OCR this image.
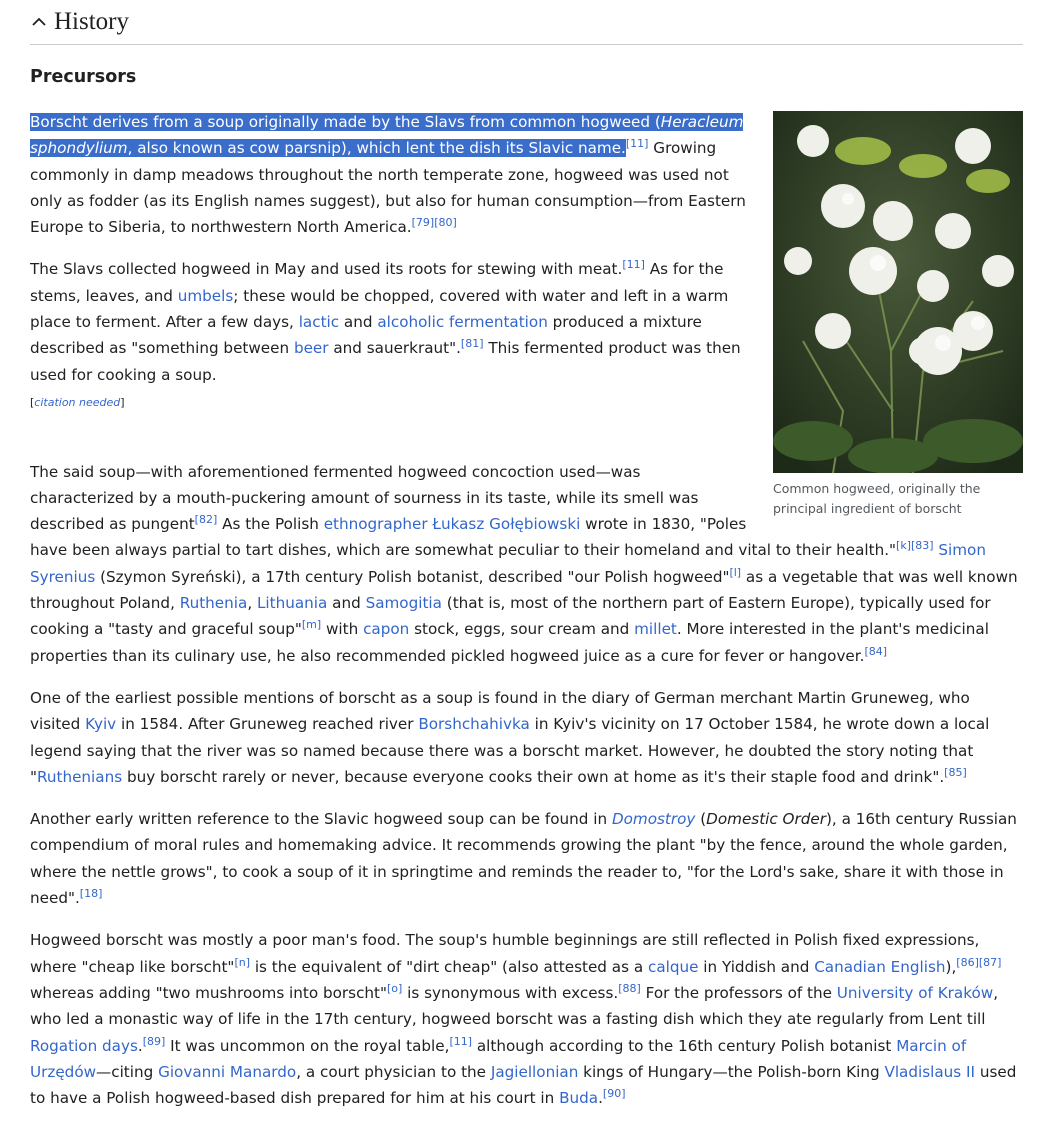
History
Precursors
Common hogweed, originally the principal ingredient of borscht

Borscht derives from a soup originally made by the Slavs from common hogweed (Heracleum sphondylium, also known as cow parsnip), which lent the dish its Slavic name.[11] Growing commonly in damp meadows throughout the north temperate zone, hogweed was used not only as fodder (as its English names suggest), but also for human consumption—from Eastern Europe to Siberia, to northwestern North America.[79][80]

The Slavs collected hogweed in May and used its roots for stewing with meat.[11] As for the stems, leaves, and umbels; these would be chopped, covered with water and left in a warm place to ferment. After a few days, lactic and alcoholic fermentation produced a mixture described as "something between beer and sauerkraut".[81] This fermented product was then used for cooking a soup.
[citation needed]

The said soup—with aforementioned fermented hogweed concoction used—was characterized by a mouth-puckering amount of sourness in its taste, while its smell was described as pungent[82] As the Polish ethnographer Łukasz Gołębiowski wrote in 1830, "Poles have been always partial to tart dishes, which are somewhat peculiar to their homeland and vital to their health."[k][83] Simon Syrenius (Szymon Syreński), a 17th century Polish botanist, described "our Polish hogweed"[l] as a vegetable that was well known throughout Poland, Ruthenia, Lithuania and Samogitia (that is, most of the northern part of Eastern Europe), typically used for cooking a "tasty and graceful soup"[m] with capon stock, eggs, sour cream and millet. More interested in the plant's medicinal properties than its culinary use, he also recommended pickled hogweed juice as a cure for fever or hangover.[84]

One of the earliest possible mentions of borscht as a soup is found in the diary of German merchant Martin Gruneweg, who visited Kyiv in 1584. After Gruneweg reached river Borshchahivka in Kyiv's vicinity on 17 October 1584, he wrote down a local legend saying that the river was so named because there was a borscht market. However, he doubted the story noting that "Ruthenians buy borscht rarely or never, because everyone cooks their own at home as it's their staple food and drink".[85]

Another early written reference to the Slavic hogweed soup can be found in Domostroy (Domestic Order), a 16th century Russian compendium of moral rules and homemaking advice. It recommends growing the plant "by the fence, around the whole garden, where the nettle grows", to cook a soup of it in springtime and reminds the reader to, "for the Lord's sake, share it with those in need".[18]

Hogweed borscht was mostly a poor man's food. The soup's humble beginnings are still reflected in Polish fixed expressions, where "cheap like borscht"[n] is the equivalent of "dirt cheap" (also attested as a calque in Yiddish and Canadian English),[86][87] whereas adding "two mushrooms into borscht"[o] is synonymous with excess.[88] For the professors of the University of Kraków, who led a monastic way of life in the 17th century, hogweed borscht was a fasting dish which they ate regularly from Lent till Rogation days.[89] It was uncommon on the royal table,[11] although according to the 16th century Polish botanist Marcin of Urzędów—citing Giovanni Manardo, a court physician to the Jagiellonian kings of Hungary—the Polish-born King Vladislaus II used to have a Polish hogweed-based dish prepared for him at his court in Buda.[90]
